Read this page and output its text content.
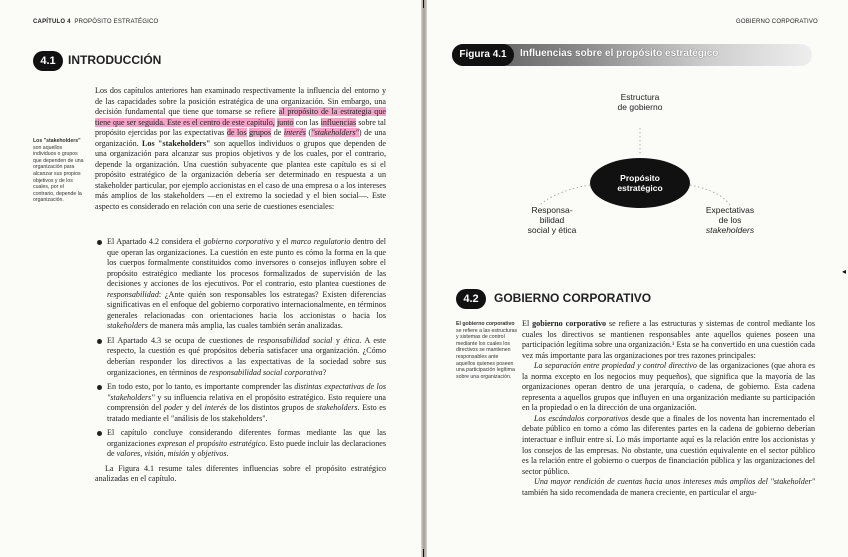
◂
CAPÍTULO 4 PROPÓSITO ESTRATÉGICO
4.1	INTRODUCCIÓN
Los "stakeholders" son aquellos individuos o grupos que dependen de una organización para alcanzar sus propios objetivos y de los cuales, por el contrario, depende la organización.

Los dos capítulos anteriores han examinado respectivamente la influencia del entorno y de las capacidades sobre la posición estratégica de una organización. Sin embargo, una decisión fundamental que tiene que tomarse se refiere al propósito de la estrategia que tiene que ser seguida. Este es el centro de este capítulo, junto con las influencias sobre tal propósito ejercidas por las expectativas de los grupos de interés ("stakeholders") de una organización. Los "stakeholders" son aquellos individuos o grupos que dependen de una organización para alcanzar sus propios objetivos y de los cuales, por el contrario, depende la organización. Una cuestión subyacente que plantea este capítulo es si el propósito estratégico de la organización debería ser determinado en respuesta a un stakeholder particular, por ejemplo accionistas en el caso de una empresa o a los intereses más amplios de los stakeholders —en el extremo la sociedad y el bien social—. Este aspecto es considerado en relación con una serie de cuestiones esenciales:

El Apartado 4.2 considera el gobierno corporativo y el marco regulatorio dentro del que operan las organizaciones. La cuestión en este punto es cómo la forma en la que los cuerpos formalmente constituidos como inversores o consejos influyen sobre el propósito estratégico mediante los procesos formalizados de supervisión de las decisiones y acciones de los ejecutivos. Por el contrario, esto plantea cuestiones de responsabilidad: ¿Ante quién son responsables los estrategas? Existen diferencias significativas en el enfoque del gobierno corporativo internacionalmente, en términos generales relacionadas con orientaciones hacia los accionistas o hacia los stakeholders de manera más amplia, las cuales también serán analizadas.
El Apartado 4.3 se ocupa de cuestiones de responsabilidad social y ética. A este respecto, la cuestión es qué propósitos debería satisfacer una organización. ¿Cómo deberían responder los directivos a las expectativas de la sociedad sobre sus organizaciones, en términos de responsabilidad social corporativa?
En todo esto, por lo tanto, es importante comprender las distintas expectativas de los "stakeholders" y su influencia relativa en el propósito estratégico. Esto requiere una comprensión del poder y del interés de los distintos grupos de stakeholders. Esto es tratado mediante el "análisis de los stakeholders".
El capítulo concluye considerando diferentes formas mediante las que las organizaciones expresan el propósito estratégico. Esto puede incluir las declaraciones de valores, visión, misión y objetivos.

La Figura 4.1 resume tales diferentes influencias sobre el propósito estratégico analizadas en el capítulo.

GOBIERNO CORPORATIVO
Figura 4.1	Influencias sobre el propósito estratégico
Estructura
de gobierno
Propósito
estratégico
Responsa-
bilidad
social y ética
Expectativas
de los
stakeholders
4.2	GOBIERNO CORPORATIVO
El gobierno corporativo se refiere a las estructuras y sistemas de control mediante los cuales los directivos se mantienen responsables ante aquellos quienes poseen una participación legítima sobre una organización.

El gobierno corporativo se refiere a las estructuras y sistemas de control mediante los cuales los directivos se mantienen responsables ante aquellos quienes poseen una participación legítima sobre una organización.¹ Esta se ha convertido en una cuestión cada vez más importante para las organizaciones por tres razones principales:

La separación entre propiedad y control directivo de las organizaciones (que ahora es la norma excepto en los negocios muy pequeños), que significa que la mayoría de las organizaciones operan dentro de una jerarquía, o cadena, de gobierno. Esta cadena representa a aquellos grupos que influyen en una organización mediante su participación en la propiedad o en la dirección de una organización.

Los escándalos corporativos desde que a finales de los noventa han incrementado el debate público en torno a cómo las diferentes partes en la cadena de gobierno deberían interactuar e influir entre sí. Lo más importante aquí es la relación entre los accionistas y los consejos de las empresas. No obstante, una cuestión equivalente en el sector público es la relación entre el gobierno o cuerpos de financiación pública y las organizaciones del sector público.

Una mayor rendición de cuentas hacia unos intereses más amplios del "stakeholder" también ha sido recomendada de manera creciente, en particular el argu-
